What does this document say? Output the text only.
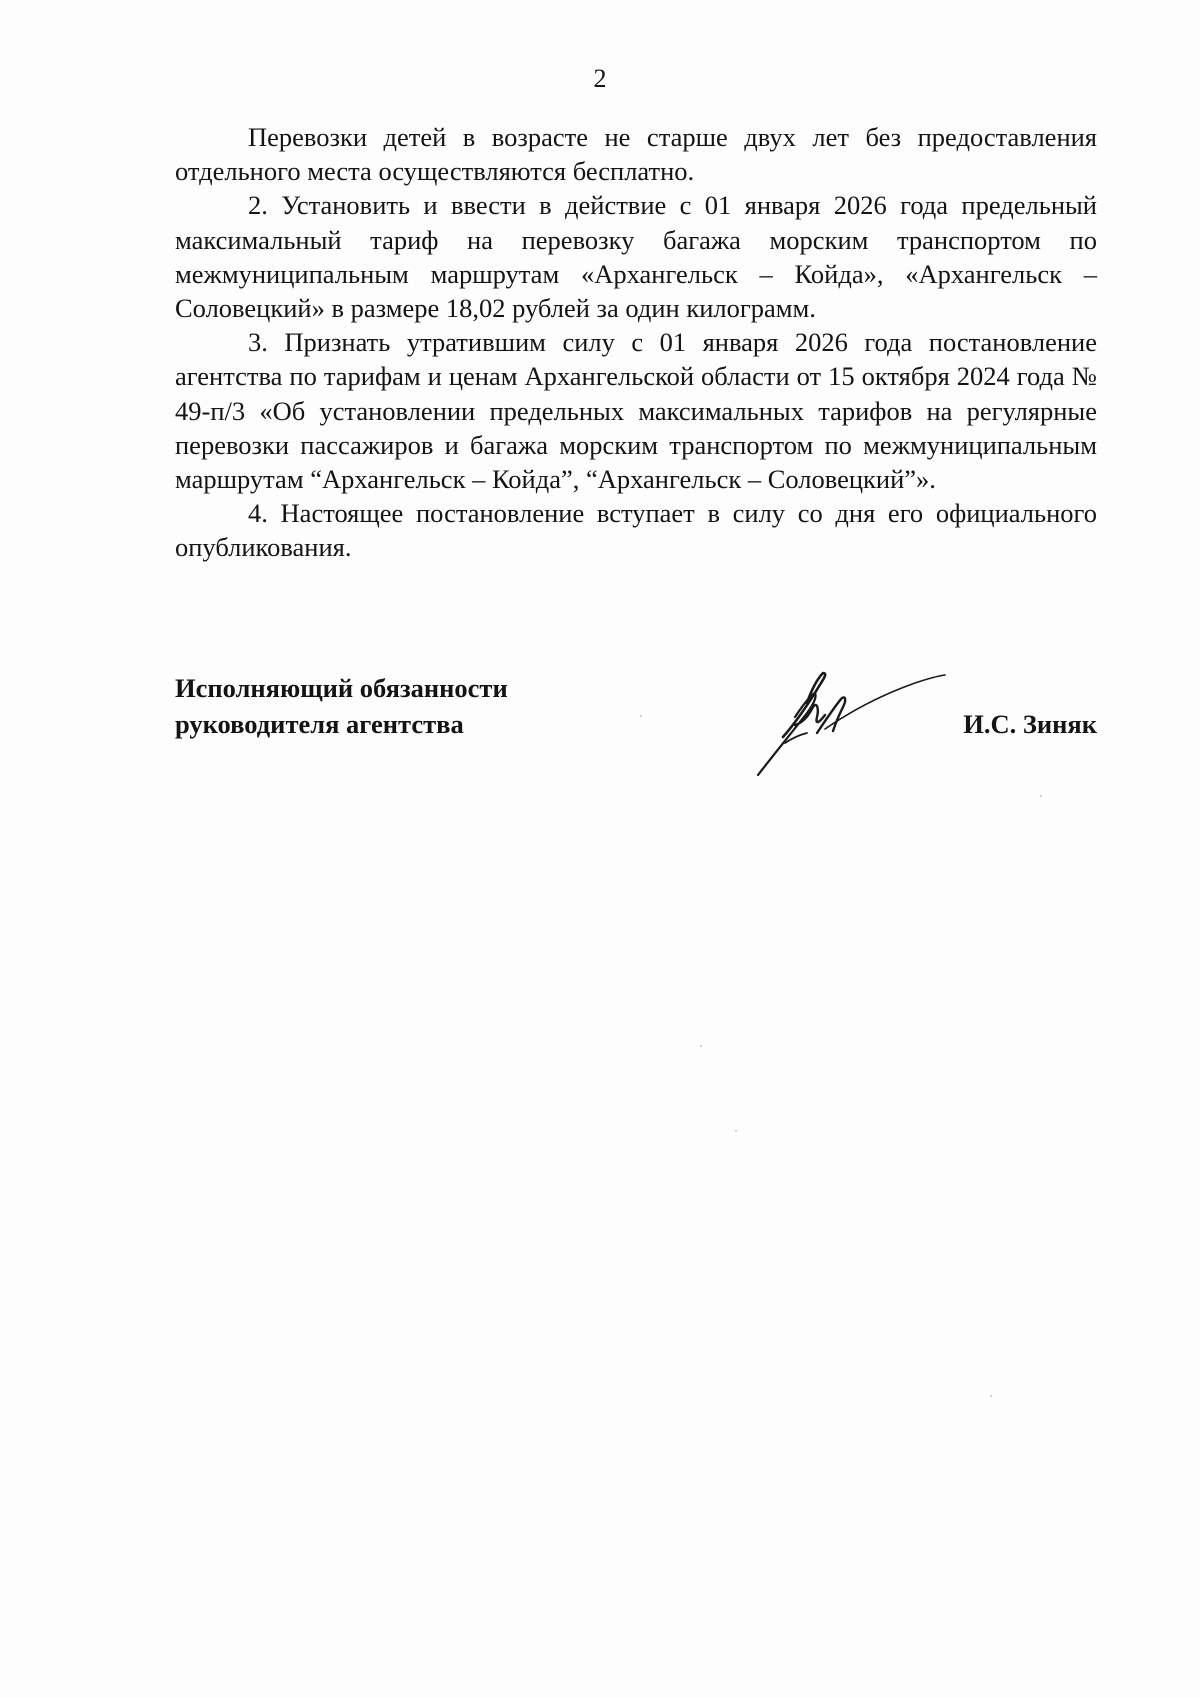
2

Перевозки детей в возрасте не старше двух лет без предоставления отдельного места осуществляются бесплатно.

2. Установить и ввести в действие с 01 января 2026 года предельный максимальный тариф на перевозку багажа морским транспортом по межмуниципальным маршрутам «Архангельск – Койда», «Архангельск – Соловецкий» в размере 18,02 рублей за один килограмм.

3. Признать утратившим силу с 01 января 2026 года постановление агентства по тарифам и ценам Архангельской области от 15 октября 2024 года № 49-п/3 «Об установлении предельных максимальных тарифов на регулярные перевозки пассажиров и багажа морским транспортом по межмуниципальным маршрутам “Архангельск – Койда”, “Архангельск – Соловецкий”».

4. Настоящее постановление вступает в силу со дня его официального опубликования.

Исполняющий обязанности
руководителя агентства	И.С. Зиняк
